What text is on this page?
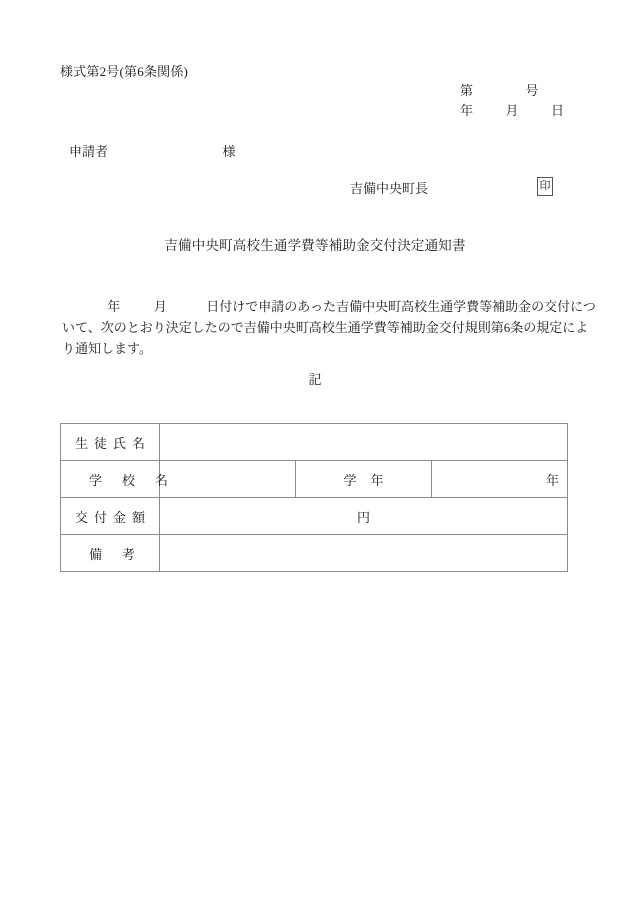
様式第2号(第6条関係)
第	号
年	月	日
申請者	様
吉備中央町長	印
吉備中央町高校生通学費等補助金交付決定通知書
年	月	日付けで申請のあった吉備中央町高校生通学費等補助金の交付につ
いて、次のとおり決定したので吉備中央町高校生通学費等補助金交付規則第6条の規定によ
り通知します。
記
生徒氏名			
学校名		学年	年
交付金額	円		
備考			
